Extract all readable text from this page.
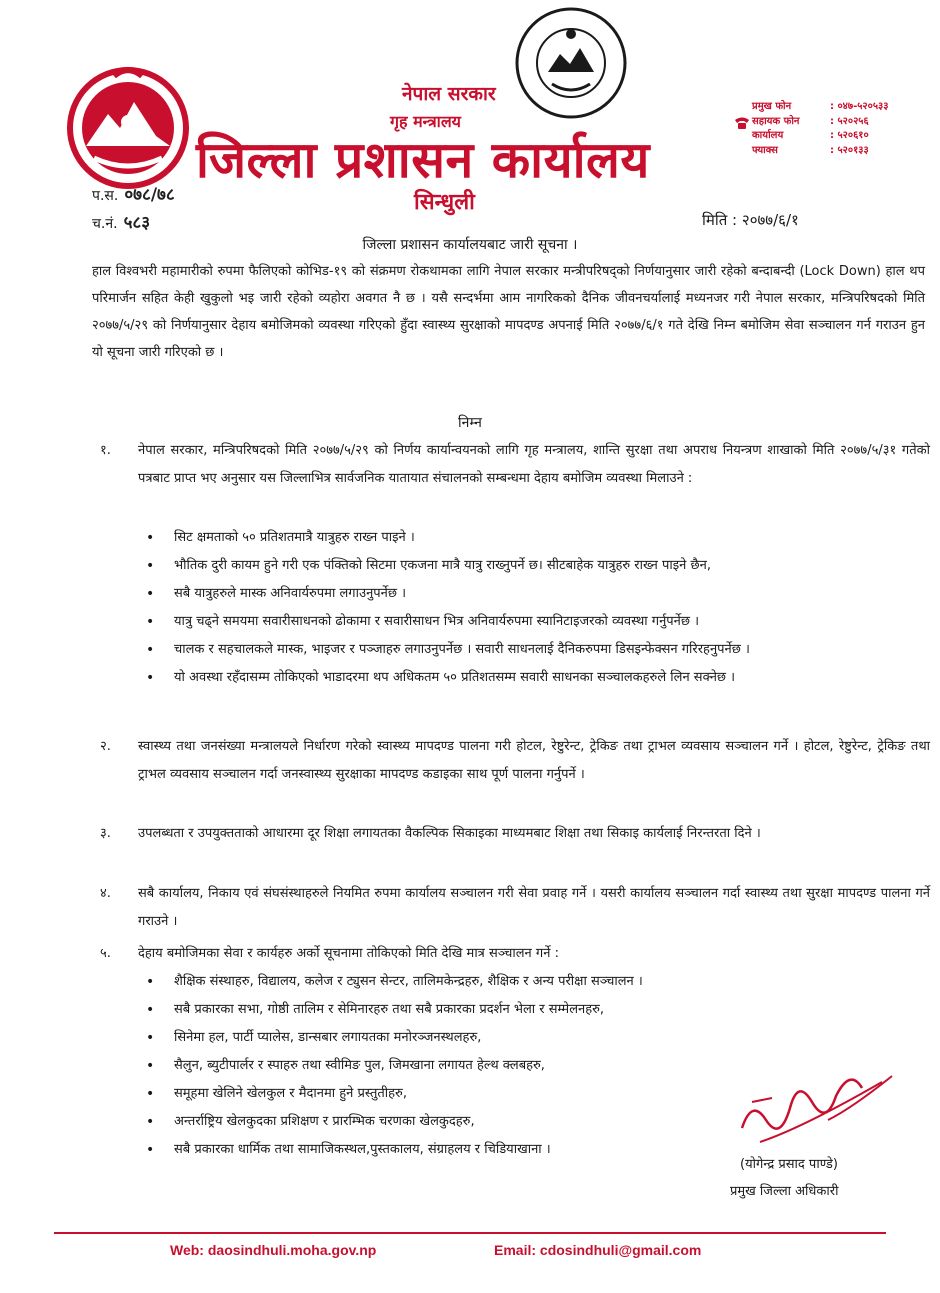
नेपाल सरकार
गृह मन्त्रालय
जिल्ला प्रशासन कार्यालय
सिन्धुली
प्रमुख फोन	: ०४७-५२०५३३
सहायक फोन	: ५२०२५६
कार्यालय	: ५२०६१०
फ्याक्स	: ५२०१३३
प.स. ०७८/७८
च.नं. ५८३	मिति : २०७७/६/१
जिल्ला प्रशासन कार्यालयबाट जारी सूचना ।
हाल विश्वभरी महामारीको रुपमा फैलिएको कोभिड-१९ को संक्रमण रोकथामका लागि नेपाल सरकार मन्त्रीपरिषद्को निर्णयानुसार जारी रहेको बन्दाबन्दी (Lock Down) हाल थप परिमार्जन सहित केही खुकुलो भइ जारी रहेको व्यहोरा अवगत नै छ । यसै सन्दर्भमा आम नागरिकको दैनिक जीवनचर्यालाई मध्यनजर गरी नेपाल सरकार, मन्त्रिपरिषदको मिति २०७७/५/२९ को निर्णयानुसार देहाय बमोजिमको व्यवस्था गरिएको हुँदा स्वास्थ्य सुरक्षाको मापदण्ड अपनाई मिति २०७७/६/१ गते देखि निम्न बमोजिम सेवा सञ्चालन गर्न गराउन हुन यो सूचना जारी गरिएको छ ।
निम्न
१.	नेपाल सरकार, मन्त्रिपरिषदको मिति २०७७/५/२९ को निर्णय कार्यान्वयनको लागि गृह मन्त्रालय, शान्ति सुरक्षा तथा अपराध नियन्त्रण शाखाको मिति २०७७/५/३१ गतेको पत्रबाट प्राप्त भए अनुसार यस जिल्लाभित्र सार्वजनिक यातायात संचालनको सम्बन्धमा देहाय बमोजिम व्यवस्था मिलाउने :
• सिट क्षमताको ५० प्रतिशतमात्रै यात्रुहरु राख्न पाइने ।
• भौतिक दुरी कायम हुने गरी एक पंक्तिको सिटमा एकजना मात्रै यात्रु राख्नुपर्ने छ। सीटबाहेक यात्रुहरु राख्न पाइने छैन,
• सबै यात्रुहरुले मास्क अनिवार्यरुपमा लगाउनुपर्नेछ ।
• यात्रु चढ्ने समयमा सवारीसाधनको ढोकामा र सवारीसाधन भित्र अनिवार्यरुपमा स्यानिटाइजरको व्यवस्था गर्नुपर्नेछ ।
• चालक र सहचालकले मास्क, भाइजर र पञ्जाहरु लगाउनुपर्नेछ । सवारी साधनलाई दैनिकरुपमा डिसइन्फेक्सन गरिरहनुपर्नेछ ।
• यो अवस्था रहँदासम्म तोकिएको भाडादरमा थप अधिकतम ५० प्रतिशतसम्म सवारी साधनका सञ्चालकहरुले लिन सक्नेछ ।
२.	स्वास्थ्य तथा जनसंख्या मन्त्रालयले निर्धारण गरेको स्वास्थ्य मापदण्ड पालना गरी होटल, रेष्टुरेन्ट, ट्रेकिङ तथा ट्राभल व्यवसाय सञ्चालन गर्ने । होटल, रेष्टुरेन्ट, ट्रेकिङ तथा ट्राभल व्यवसाय सञ्चालन गर्दा जनस्वास्थ्य सुरक्षाका मापदण्ड कडाइका साथ पूर्ण पालना गर्नुपर्ने ।
३.	उपलब्धता र उपयुक्तताको आधारमा दूर शिक्षा लगायतका वैकल्पिक सिकाइका माध्यमबाट शिक्षा तथा सिकाइ कार्यलाई निरन्तरता दिने ।
४.	सबै कार्यालय, निकाय एवं संघसंस्थाहरुले नियमित रुपमा कार्यालय सञ्चालन गरी सेवा प्रवाह गर्ने । यसरी कार्यालय सञ्चालन गर्दा स्वास्थ्य तथा सुरक्षा मापदण्ड पालना गर्ने गराउने ।
५.	देहाय बमोजिमका सेवा र कार्यहरु अर्को सूचनामा तोकिएको मिति देखि मात्र सञ्चालन गर्ने :
• शैक्षिक संस्थाहरु, विद्यालय, कलेज र ट्युसन सेन्टर, तालिमकेन्द्रहरु, शैक्षिक र अन्य परीक्षा सञ्चालन ।
• सबै प्रकारका सभा, गोष्ठी तालिम र सेमिनारहरु तथा सबै प्रकारका प्रदर्शन भेला र सम्मेलनहरु,
• सिनेमा हल, पार्टी प्यालेस, डान्सबार लगायतका मनोरञ्जनस्थलहरु,
• सैलुन, ब्युटीपार्लर र स्पाहरु तथा स्वीमिङ पुल, जिमखाना लगायत हेल्थ क्लबहरु,
• समूहमा खेलिने खेलकुल र मैदानमा हुने प्रस्तुतीहरु,
• अन्तर्राष्ट्रिय खेलकुदका प्रशिक्षण र प्रारम्भिक चरणका खेलकुदहरु,
• सबै प्रकारका धार्मिक तथा सामाजिकस्थल,पुस्तकालय, संग्राहलय र चिडियाखाना ।
(योगेन्द्र प्रसाद पाण्डे)
प्रमुख जिल्ला अधिकारी
Web: daosindhuli.moha.gov.np	Email: cdosindhuli@gmail.com
